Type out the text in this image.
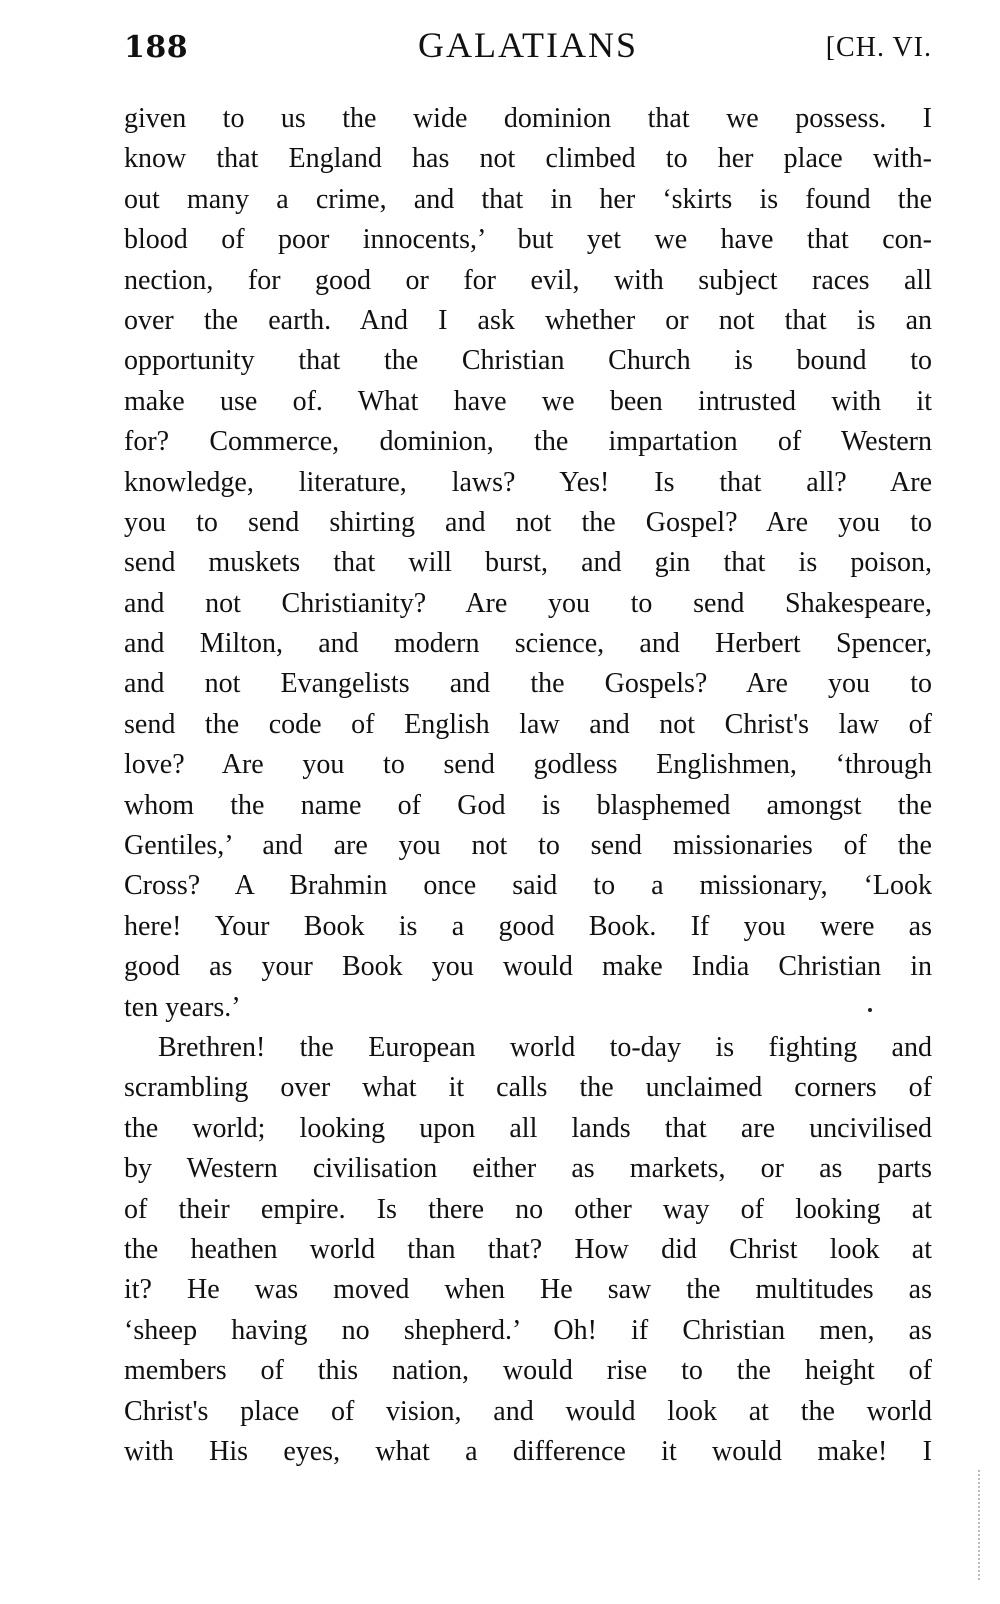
188	GALATIANS	[CH. VI.
given to us the wide dominion that we possess. I
know that England has not climbed to her place with-
out many a crime, and that in her ‘skirts is found the
blood of poor innocents,’ but yet we have that con-
nection, for good or for evil, with subject races all
over the earth. And I ask whether or not that is an
opportunity that the Christian Church is bound to
make use of. What have we been intrusted with it
for? Commerce, dominion, the impartation of Western
knowledge, literature, laws? Yes! Is that all? Are
you to send shirting and not the Gospel? Are you to
send muskets that will burst, and gin that is poison,
and not Christianity? Are you to send Shakespeare,
and Milton, and modern science, and Herbert Spencer,
and not Evangelists and the Gospels? Are you to
send the code of English law and not Christ's law of
love? Are you to send godless Englishmen, ‘through
whom the name of God is blasphemed amongst the
Gentiles,’ and are you not to send missionaries of the
Cross? A Brahmin once said to a missionary, ‘Look
here! Your Book is a good Book. If you were as
good as your Book you would make India Christian in
ten years.’
Brethren! the European world to-day is fighting and
scrambling over what it calls the unclaimed corners of
the world; looking upon all lands that are uncivilised
by Western civilisation either as markets, or as parts
of their empire. Is there no other way of looking at
the heathen world than that? How did Christ look at
it? He was moved when He saw the multitudes as
‘sheep having no shepherd.’ Oh! if Christian men, as
members of this nation, would rise to the height of
Christ's place of vision, and would look at the world
with His eyes, what a difference it would make! I
